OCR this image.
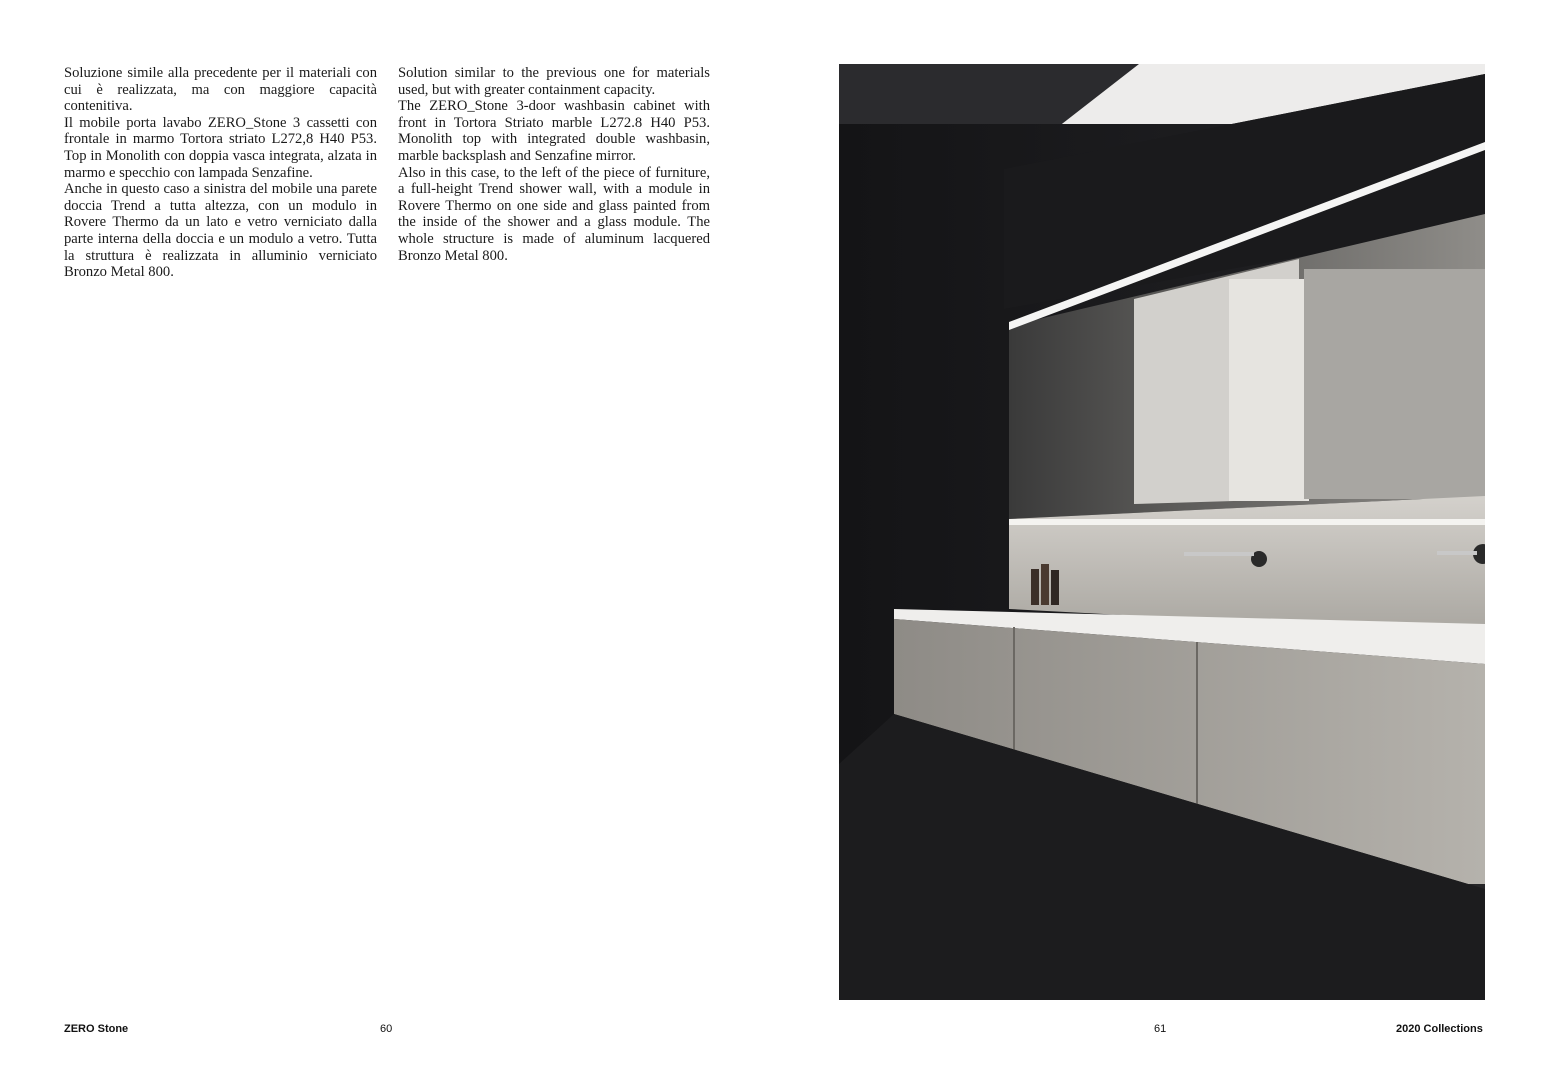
Soluzione simile alla precedente per il materiali con cui è realizzata, ma con maggiore capacità contenitiva.

Il mobile porta lavabo ZERO_Stone 3 cassetti con frontale in marmo Tortora striato L272,8 H40 P53. Top in Monolith con doppia vasca integrata, alzata in marmo e specchio con lampada Senzafine.

Anche in questo caso a sinistra del mobile una parete doccia Trend a tutta altezza, con un modulo in Rovere Thermo da un lato e vetro verniciato dalla parte interna della doccia e un modulo a vetro. Tutta la struttura è realizzata in alluminio verniciato Bronzo Metal 800.

Solution similar to the previous one for materials used, but with greater containment capacity.

The ZERO_Stone 3-door washbasin cabinet with front in Tortora Striato marble L272.8 H40 P53. Monolith top with integrated double washbasin, marble backsplash and Senzafine mirror.

Also in this case, to the left of the piece of furniture, a full-height Trend shower wall, with a module in Rovere Thermo on one side and glass painted from the inside of the shower and a glass module. The whole structure is made of aluminum lacquered Bronzo Metal 800.

ZERO Stone	60	61	2020 Collections
